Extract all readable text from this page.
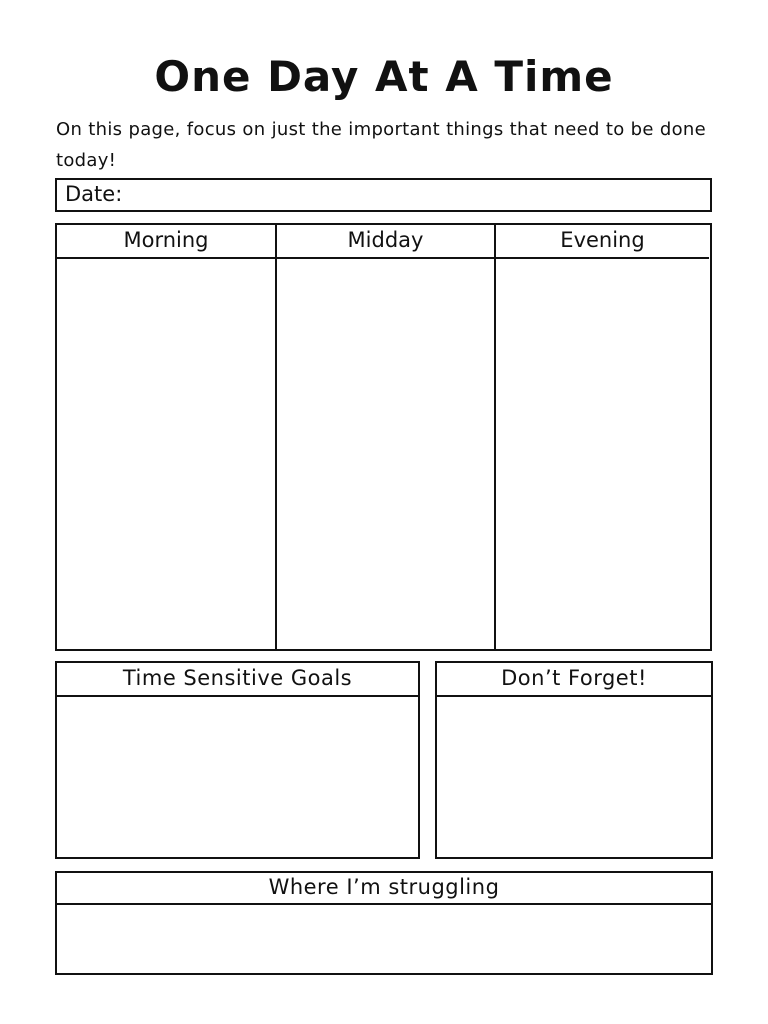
One Day At A Time
On this page, focus on just the important things that need to be done today!
Date:
Morning	Midday	Evening
Time Sensitive Goals	Don’t Forget!
Where I’m struggling
